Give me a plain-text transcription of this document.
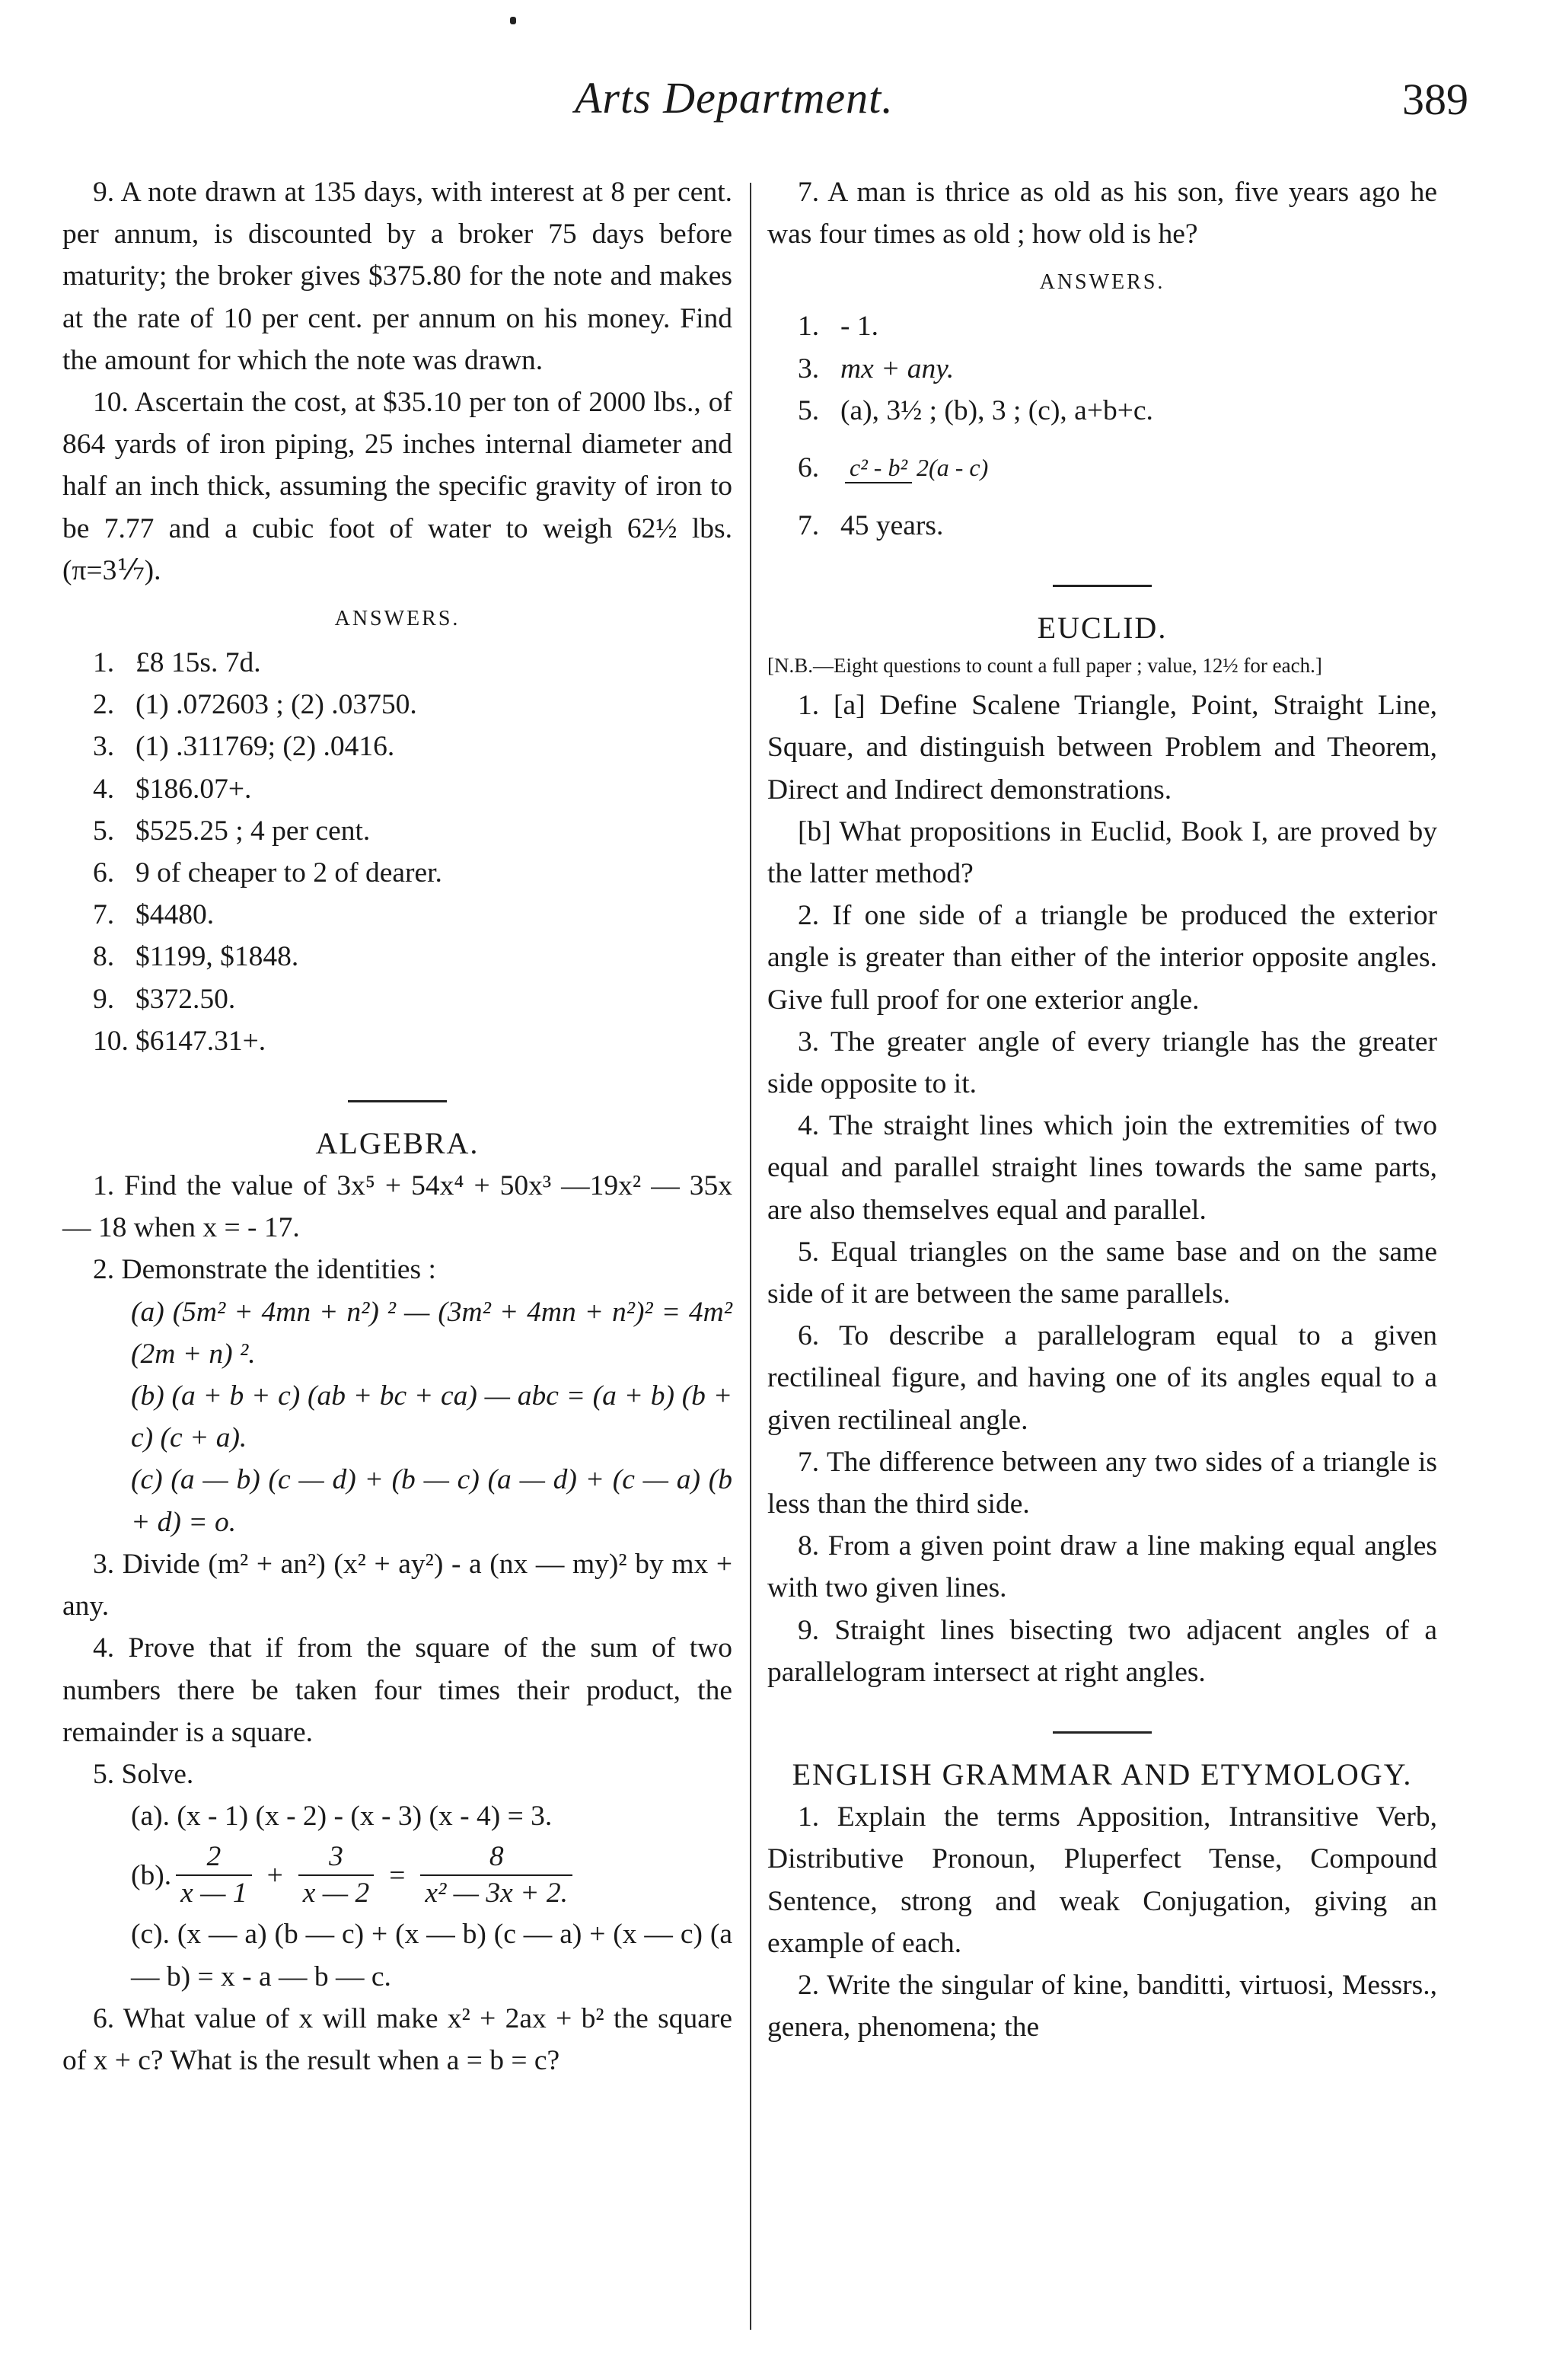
Arts Department.	389

9. A note drawn at 135 days, with interest at 8 per cent. per annum, is discounted by a broker 75 days before maturity; the broker gives $375.80 for the note and makes at the rate of 10 per cent. per annum on his money. Find the amount for which the note was drawn.

10. Ascertain the cost, at $35.10 per ton of 2000 lbs., of 864 yards of iron piping, 25 inches internal diameter and half an inch thick, assuming the specific gravity of iron to be 7.77 and a cubic foot of water to weigh 62½ lbs. (π=3⅐).

ANSWERS.
1. £8 15s. 7d.
2. (1) .072603 ; (2) .03750.
3. (1) .311769; (2) .0416.
4. $186.07+.
5. $525.25 ; 4 per cent.
6. 9 of cheaper to 2 of dearer.
7. $4480.
8. $1199, $1848.
9. $372.50.
10. $6147.31+.
ALGEBRA.

1. Find the value of 3x⁵ + 54x⁴ + 50x³ —19x² — 35x — 18 when x = - 17.

2. Demonstrate the identities :

(a) (5m² + 4mn + n²) ² — (3m² + 4mn + n²)² = 4m² (2m + n) ².

(b) (a + b + c) (ab + bc + ca) — abc = (a + b) (b + c) (c + a).

(c) (a — b) (c — d) + (b — c) (a — d) + (c — a) (b + d) = o.

3. Divide (m² + an²) (x² + ay²) - a (nx — my)² by mx + any.

4. Prove that if from the square of the sum of two numbers there be taken four times their product, the remainder is a square.

5. Solve.

(a). (x - 1) (x - 2) - (x - 3) (x - 4) = 3.

(b). $\frac{2}{x — 1} + \frac{3}{x — 2} = \frac{8}{\text{x² — 3x + 2.}}$

(c). (x — a) (b — c) + (x — b) (c — a) + (x — c) (a — b) = x - a — b — c.

6. What value of x will make x² + 2ax + b² the square of x + c? What is the result when a = b = c?

7. A man is thrice as old as his son, five years ago he was four times as old ; how old is he?

ANSWERS.
1. - 1.
3. mx + any.
5. (a), 3½ ; (b), 3 ; (c), a+b+c.
6.	c² - b² 2(a - c)
7. 45 years.
EUCLID.

[N.B.—Eight questions to count a full paper ; value, 12½ for each.]

1. [a] Define Scalene Triangle, Point, Straight Line, Square, and distinguish between Problem and Theorem, Direct and Indirect demonstrations.

[b] What propositions in Euclid, Book I, are proved by the latter method?

2. If one side of a triangle be produced the exterior angle is greater than either of the interior opposite angles. Give full proof for one exterior angle.

3. The greater angle of every triangle has the greater side opposite to it.

4. The straight lines which join the extremities of two equal and parallel straight lines towards the same parts, are also themselves equal and parallel.

5. Equal triangles on the same base and on the same side of it are between the same parallels.

6. To describe a parallelogram equal to a given rectilineal figure, and having one of its angles equal to a given rectilineal angle.

7. The difference between any two sides of a triangle is less than the third side.

8. From a given point draw a line making equal angles with two given lines.

9. Straight lines bisecting two adjacent angles of a parallelogram intersect at right angles.

ENGLISH GRAMMAR AND ETYMOLOGY.

1. Explain the terms Apposition, Intransitive Verb, Distributive Pronoun, Pluperfect Tense, Compound Sentence, strong and weak Conjugation, giving an example of each.

2. Write the singular of kine, banditti, virtuosi, Messrs., genera, phenomena; the
